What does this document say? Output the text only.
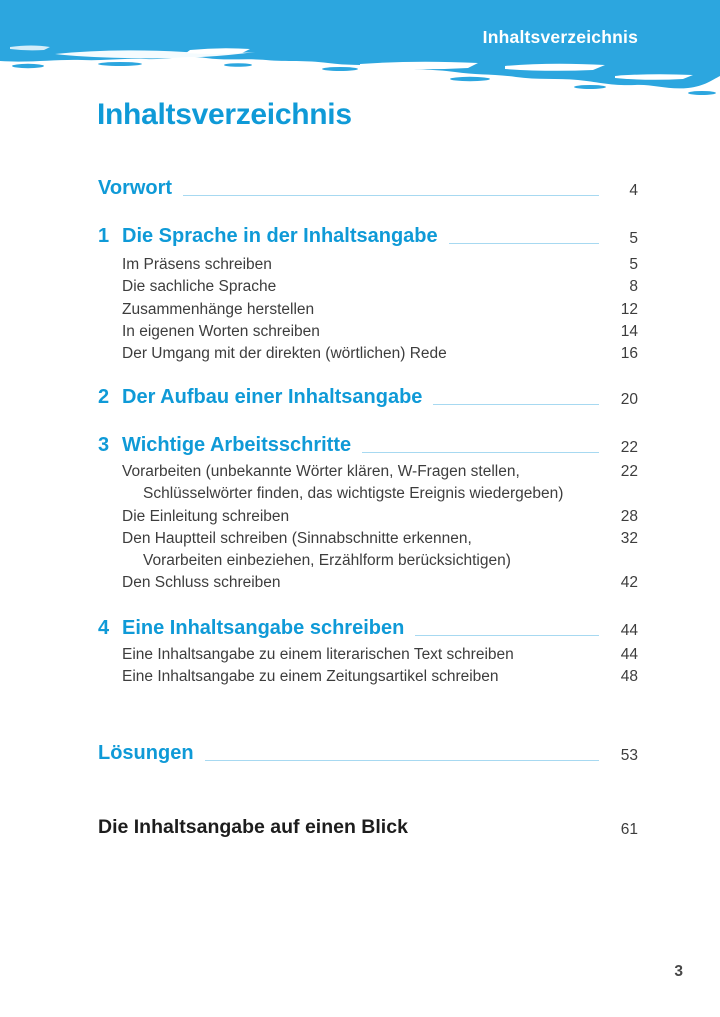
Inhaltsverzeichnis
Inhaltsverzeichnis
Vorwort	4
1 Die Sprache in der Inhaltsangabe	5
Im Präsens schreiben	5
Die sachliche Sprache	8
Zusammenhänge herstellen	12
In eigenen Worten schreiben	14
Der Umgang mit der direkten (wörtlichen) Rede	16
2 Der Aufbau einer Inhaltsangabe	20
3 Wichtige Arbeitsschritte	22
Vorarbeiten (unbekannte Wörter klären, W-Fragen stellen,	22
Schlüsselwörter finden, das wichtigste Ereignis wiedergeben)
Die Einleitung schreiben	28
Den Hauptteil schreiben (Sinnabschnitte erkennen,	32
Vorarbeiten einbeziehen, Erzählform berücksichtigen)
Den Schluss schreiben	42
4 Eine Inhaltsangabe schreiben	44
Eine Inhaltsangabe zu einem literarischen Text schreiben	44
Eine Inhaltsangabe zu einem Zeitungsartikel schreiben	48
Lösungen	53
Die Inhaltsangabe auf einen Blick	61
3
